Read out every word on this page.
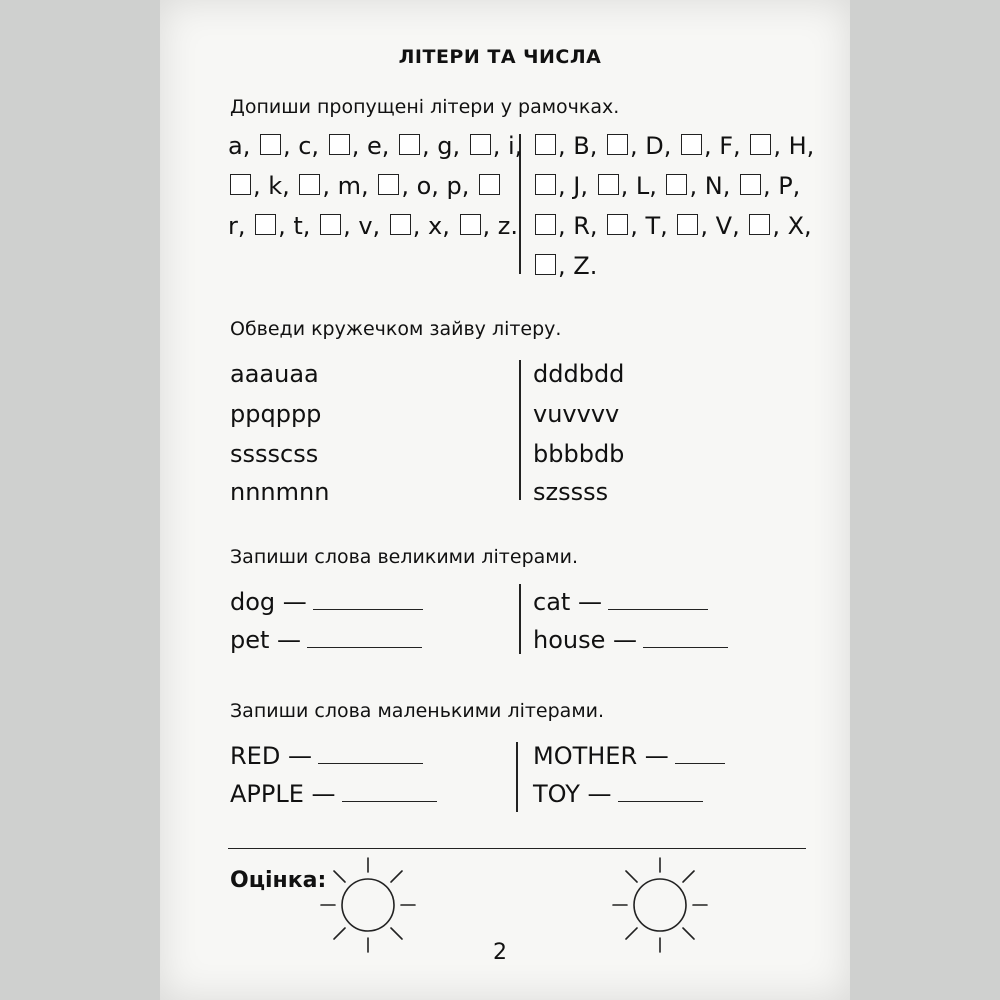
ЛІТЕРИ ТА ЧИСЛА
Допиши пропущені літери у рамочках.
a, , c, , e, , g, , i,
, k, , m, , o, p,
r, , t, , v, , x, , z.
, B, , D, , F, , H,
, J, , L, , N, , P,
, R, , T, , V, , X,
, Z.
Обведи кружечком зайву літеру.
aaauaa
ppqppp
sssscss
nnnmnn
dddbdd
vuvvvv
bbbbdb
szssss
Запиши слова великими літерами.
dog —
pet —
cat —
house —
Запиши слова маленькими літерами.
RED —
APPLE —
MOTHER —
TOY —
Оцінка:
2
